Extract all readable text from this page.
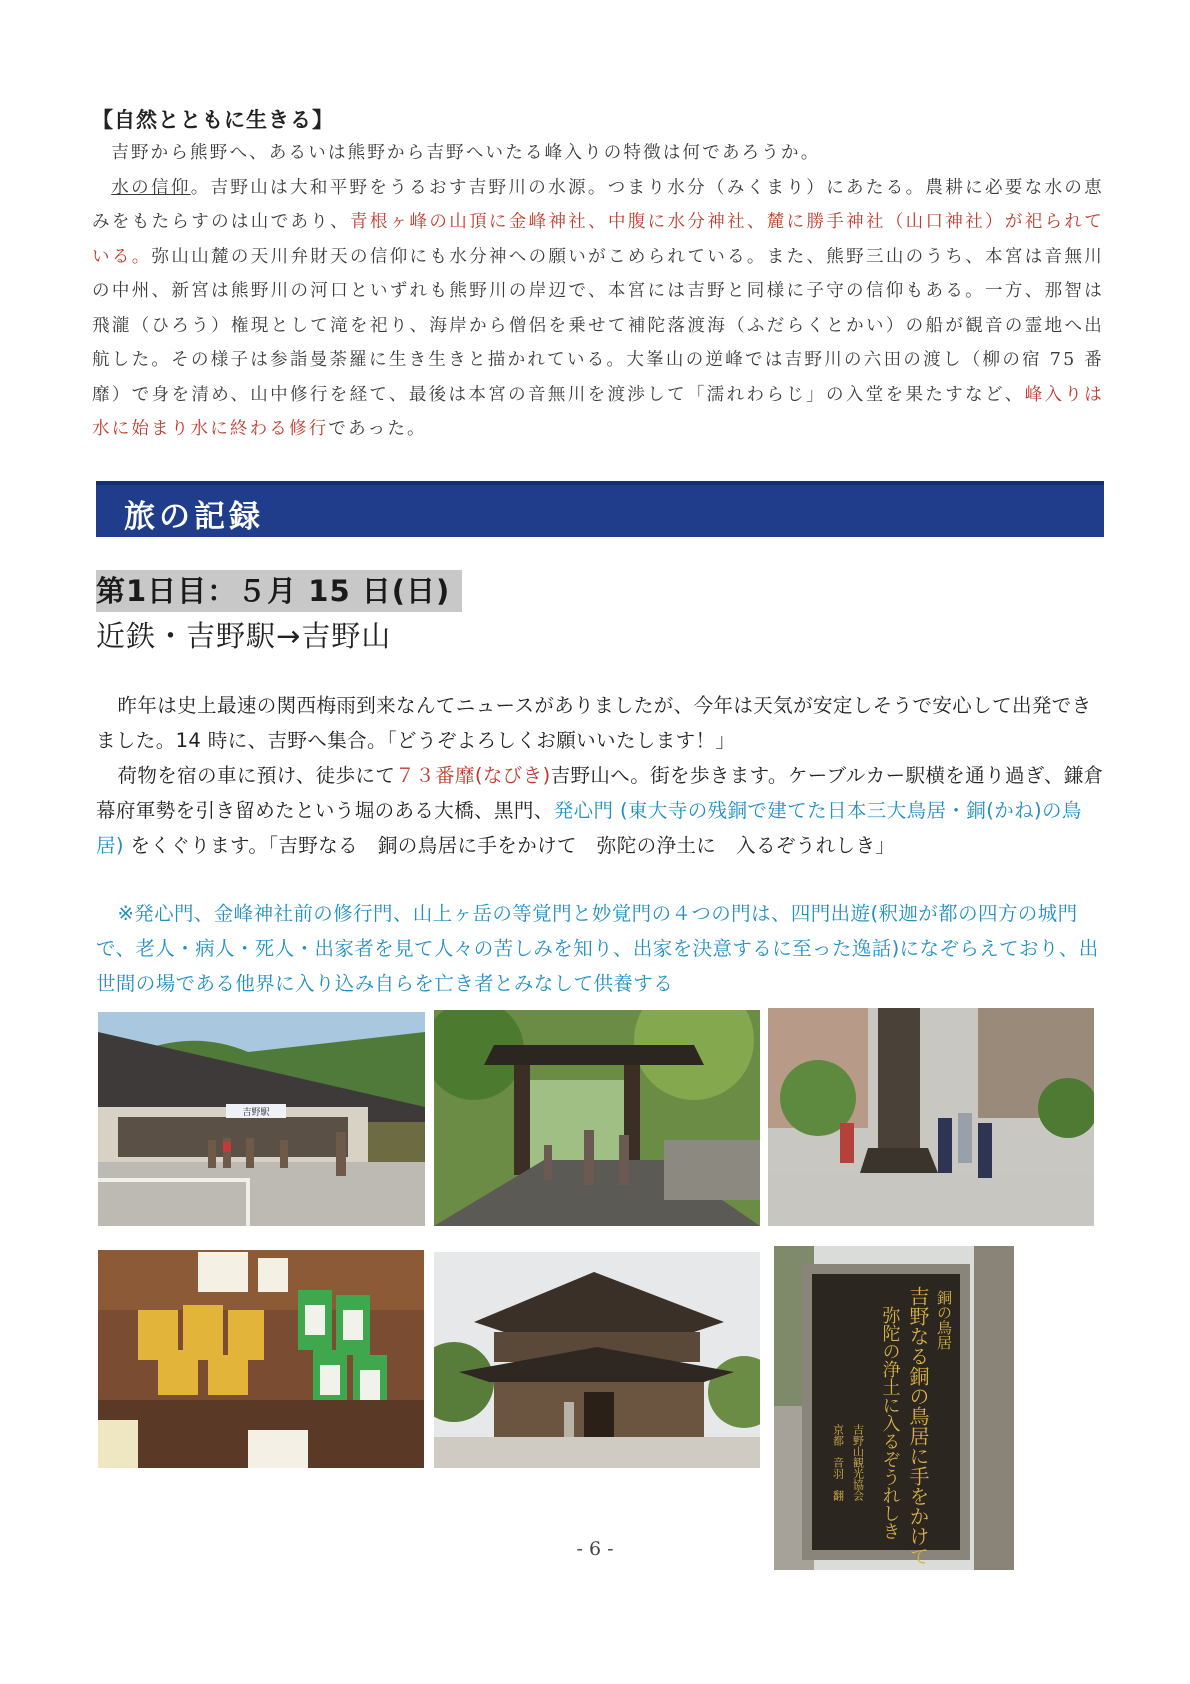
【自然とともに生きる】

吉野から熊野へ、あるいは熊野から吉野へいたる峰入りの特徴は何であろうか。

水の信仰。吉野山は大和平野をうるおす吉野川の水源。つまり水分（みくまり）にあたる。農耕に必要な水の恵みをもたらすのは山であり、青根ヶ峰の山頂に金峰神社、中腹に水分神社、麓に勝手神社（山口神社）が祀られている。弥山山麓の天川弁財天の信仰にも水分神への願いがこめられている。また、熊野三山のうち、本宮は音無川の中州、新宮は熊野川の河口といずれも熊野川の岸辺で、本宮には吉野と同様に子守の信仰もある。一方、那智は飛瀧（ひろう）権現として滝を祀り、海岸から僧侶を乗せて補陀落渡海（ふだらくとかい）の船が観音の霊地へ出航した。その様子は参詣曼荼羅に生き生きと描かれている。大峯山の逆峰では吉野川の六田の渡し（柳の宿 75 番靡）で身を清め、山中修行を経て、最後は本宮の音無川を渡渉して「濡れわらじ」の入堂を果たすなど、峰入りは水に始まり水に終わる修行であった。

旅の記録
第1日目：５月 15 日(日)
近鉄・吉野駅→吉野山

昨年は史上最速の関西梅雨到来なんてニュースがありましたが、今年は天気が安定しそうで安心して出発できました。14 時に、吉野へ集合。「どうぞよろしくお願いいたします！」

荷物を宿の車に預け、徒歩にて７３番靡(なびき)吉野山へ。街を歩きます。ケーブルカー駅横を通り過ぎ、鎌倉幕府軍勢を引き留めたという堀のある大橋、黒門、発心門 (東大寺の残銅で建てた日本三大鳥居・銅(かね)の鳥居) をくぐります。「吉野なる　銅の鳥居に手をかけて　弥陀の浄土に　入るぞうれしき」

※発心門、金峰神社前の修行門、山上ヶ岳の等覚門と妙覚門の４つの門は、四門出遊(釈迦が都の四方の城門で、老人・病人・死人・出家者を見て人々の苦しみを知り、出家を決意するに至った逸話)になぞらえており、出世間の場である他界に入り込み自らを亡き者とみなして供養する

吉野駅
銅の鳥居
吉野なる銅の鳥居に手をかけて
弥陀の浄土に入るぞうれしき
吉野山観光協会
京都　音羽　翻
- 6 -
